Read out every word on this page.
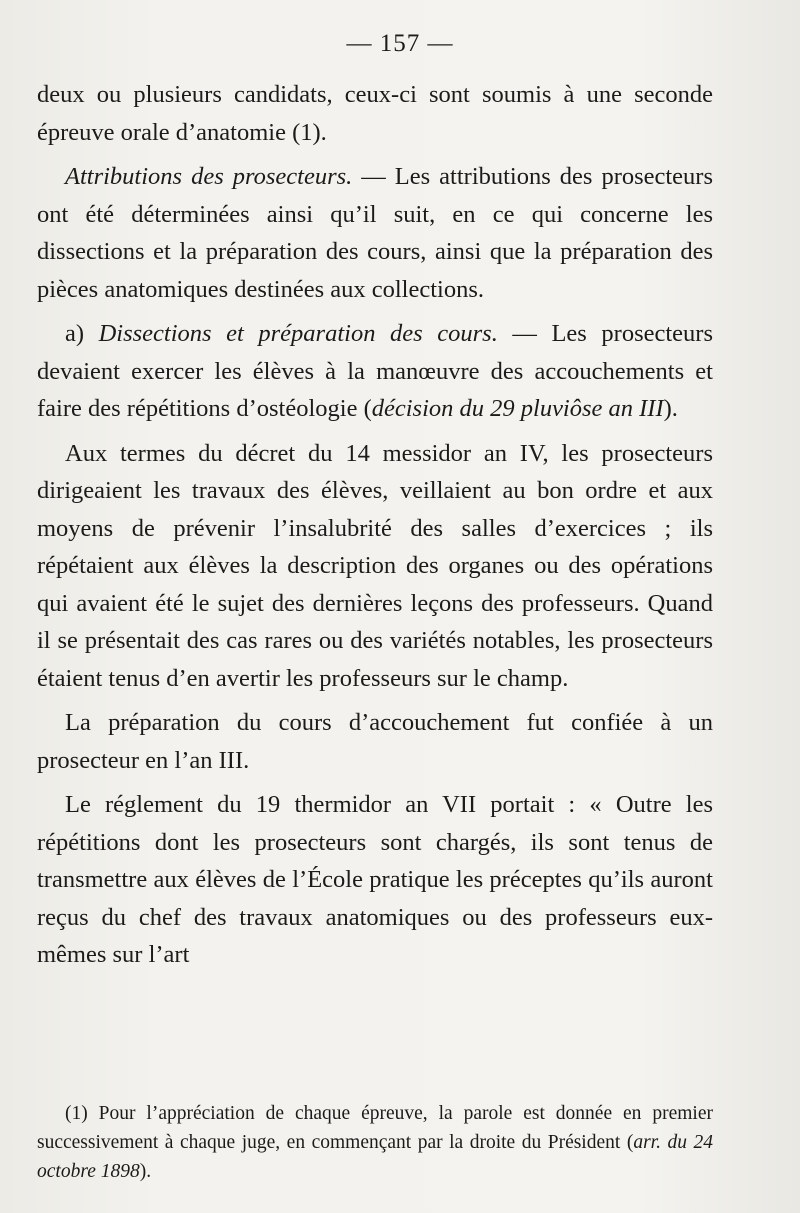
— 157 —

deux ou plusieurs candidats, ceux-ci sont soumis à une seconde épreuve orale d’anatomie (1).

Attributions des prosecteurs. — Les attributions des prosecteurs ont été déterminées ainsi qu’il suit, en ce qui concerne les dissections et la préparation des cours, ainsi que la préparation des pièces anatomiques destinées aux collections.

a) Dissections et préparation des cours. — Les prosecteurs devaient exercer les élèves à la manœuvre des accouchements et faire des répétitions d’ostéologie (décision du 29 pluviôse an III).

Aux termes du décret du 14 messidor an IV, les prosecteurs dirigeaient les travaux des élèves, veillaient au bon ordre et aux moyens de prévenir l’insalubrité des salles d’exercices ; ils répétaient aux élèves la description des organes ou des opérations qui avaient été le sujet des dernières leçons des professeurs. Quand il se présentait des cas rares ou des variétés notables, les prosecteurs étaient tenus d’en avertir les professeurs sur le champ.

La préparation du cours d’accouchement fut confiée à un prosecteur en l’an III.

Le réglement du 19 thermidor an VII portait : « Outre les répétitions dont les prosecteurs sont chargés, ils sont tenus de transmettre aux élèves de l’École pratique les préceptes qu’ils auront reçus du chef des travaux anatomiques ou des professeurs eux-mêmes sur l’art

(1) Pour l’appréciation de chaque épreuve, la parole est donnée en premier successivement à chaque juge, en commençant par la droite du Président (arr. du 24 octobre 1898).
